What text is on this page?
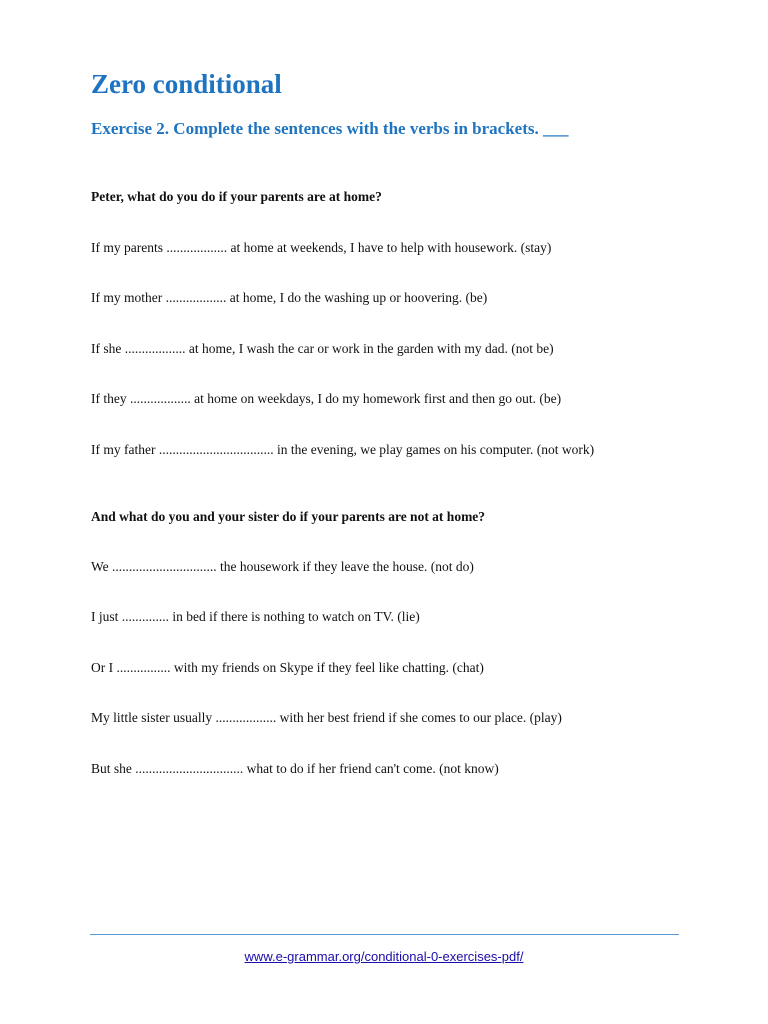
Zero conditional
Exercise 2. Complete the sentences with the verbs in brackets. ___

Peter, what do you do if your parents are at home?

If my parents .................. at home at weekends, I have to help with housework. (stay)

If my mother .................. at home, I do the washing up or hoovering. (be)

If she .................. at home, I wash the car or work in the garden with my dad. (not be)

If they .................. at home on weekdays, I do my homework first and then go out. (be)

If my father .................................. in the evening, we play games on his computer. (not work)

And what do you and your sister do if your parents are not at home?

We ............................... the housework if they leave the house. (not do)

I just .............. in bed if there is nothing to watch on TV. (lie)

Or I ................ with my friends on Skype if they feel like chatting. (chat)

My little sister usually .................. with her best friend if she comes to our place. (play)

But she ................................ what to do if her friend can't come. (not know)

www.e-grammar.org/conditional-0-exercises-pdf/
